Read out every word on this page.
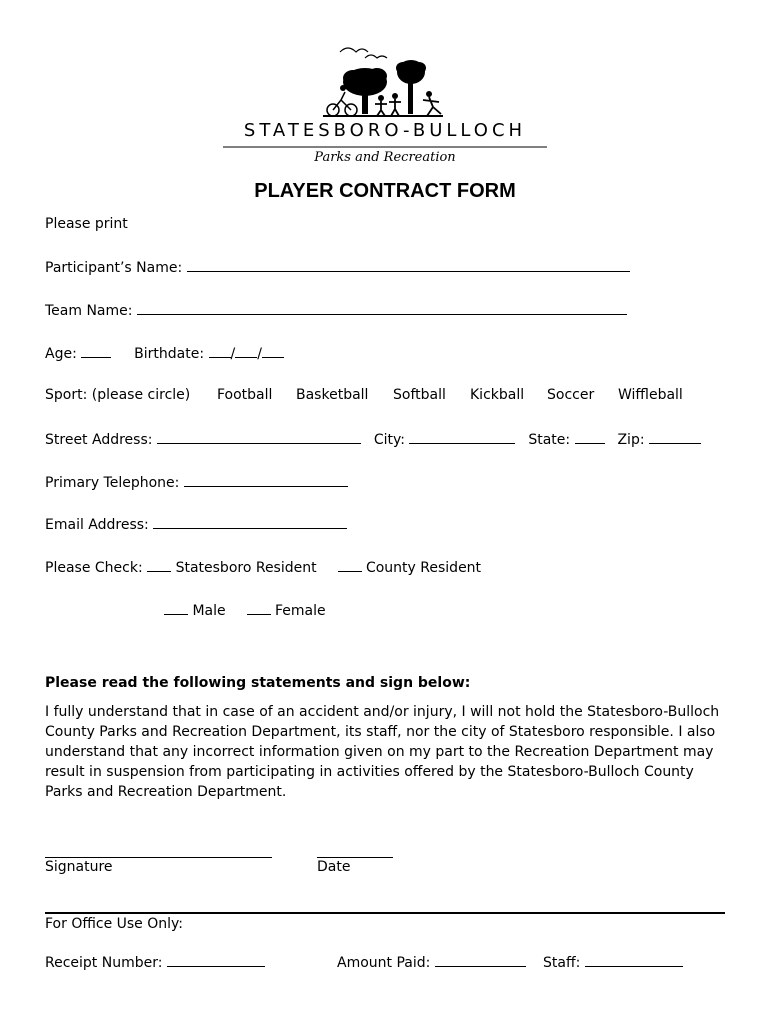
STATESBORO-BULLOCH
Parks and Recreation
PLAYER CONTRACT FORM
Please print
Participant’s Name:
Team Name:
Age:	Birthdate: / /
Sport: (please circle) Football Basketball Softball Kickball Soccer Wiffleball
Street Address:	City:	State:	Zip:
Primary Telephone:
Email Address:
Please Check: Statesboro Resident	County Resident
Male	Female
Please read the following statements and sign below:
I fully understand that in case of an accident and/or injury, I will not hold the Statesboro-Bulloch County Parks and Recreation Department, its staff, nor the city of Statesboro responsible. I also understand that any incorrect information given on my part to the Recreation Department may result in suspension from participating in activities offered by the Statesboro-Bulloch County Parks and Recreation Department.
Signature	Date
For Office Use Only:
Receipt Number:	Amount Paid:	Staff:
